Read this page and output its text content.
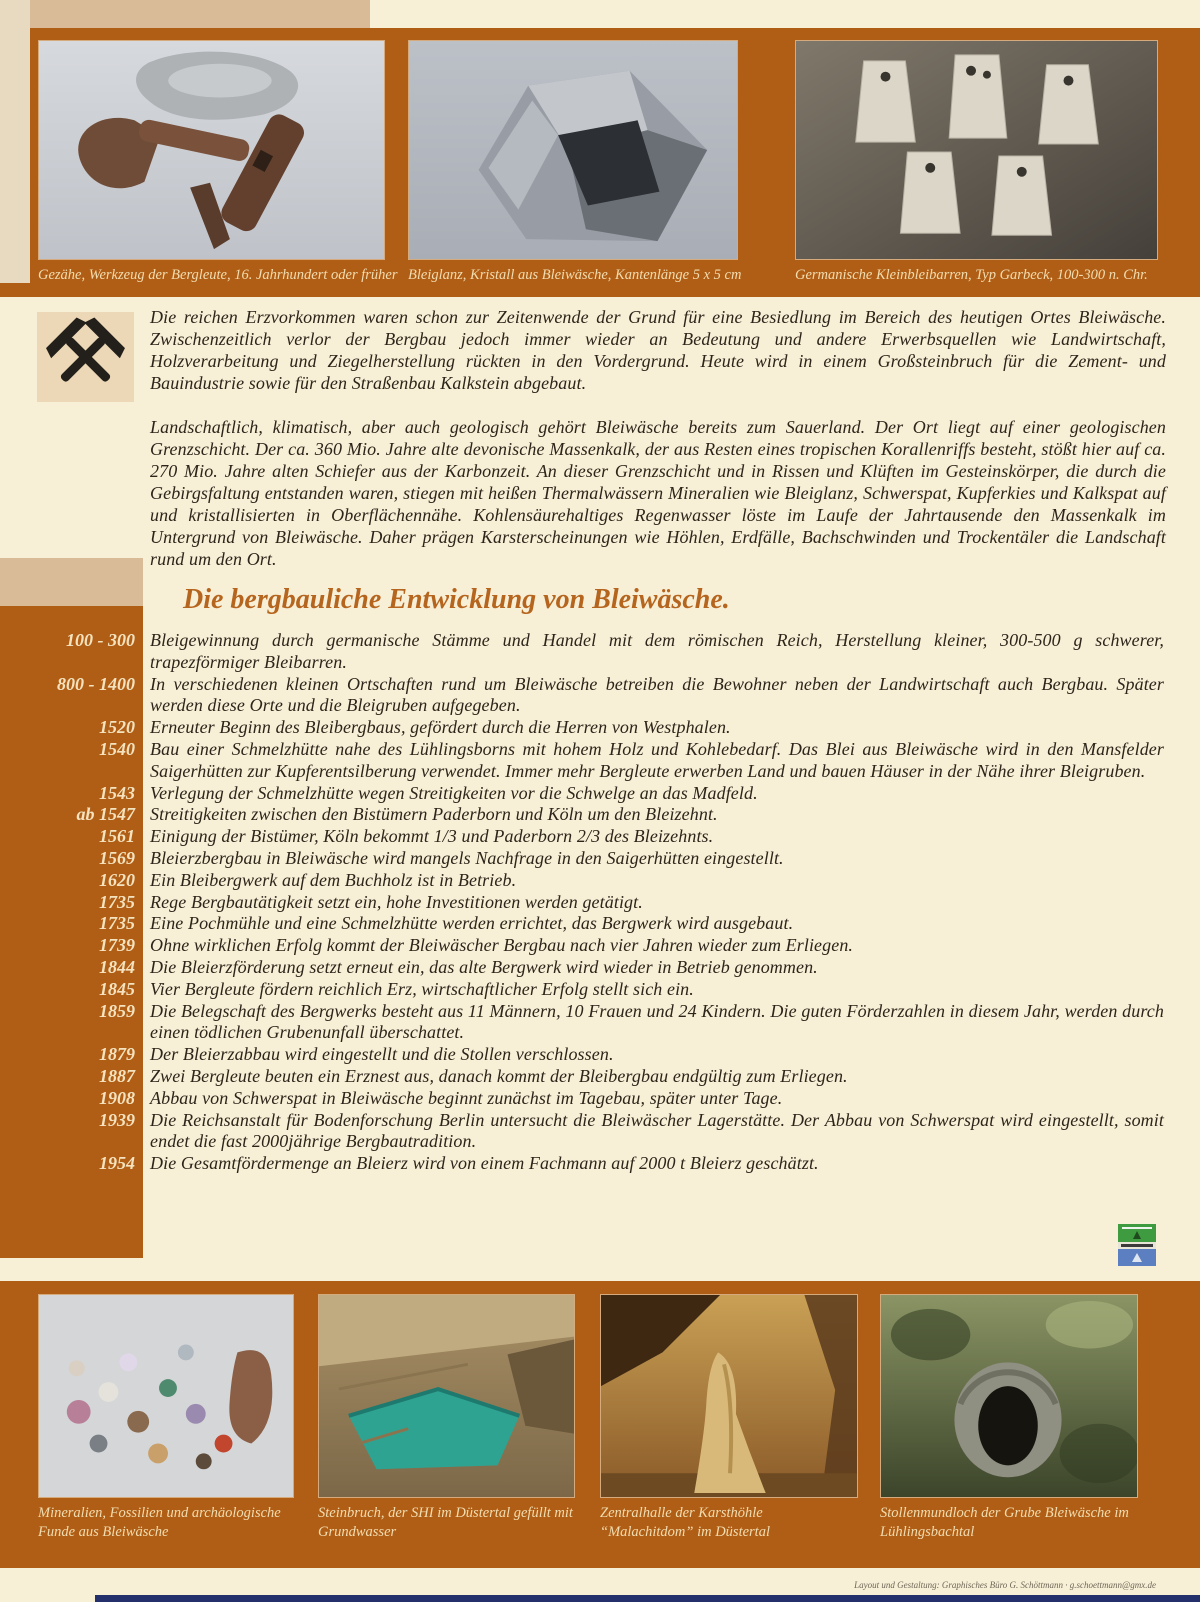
Gezähe, Werkzeug der Bergleute, 16. Jahrhundert oder früher Bleiglanz, Kristall aus Bleiwäsche, Kantenlänge 5 x 5 cm	Germanische Kleinbleibarren, Typ Garbeck, 100-300 n. Chr.

Die reichen Erzvorkommen waren schon zur Zeitenwende der Grund für eine Besiedlung im Bereich des heutigen Ortes Bleiwäsche. Zwischenzeitlich verlor der Bergbau jedoch immer wieder an Bedeutung und andere Erwerbsquellen wie Landwirtschaft, Holzverarbeitung und Ziegelherstellung rückten in den Vordergrund. Heute wird in einem Großsteinbruch für die Zement- und Bauindustrie sowie für den Straßenbau Kalkstein abgebaut.

Landschaftlich, klimatisch, aber auch geologisch gehört Bleiwäsche bereits zum Sauerland. Der Ort liegt auf einer geologischen Grenzschicht. Der ca. 360 Mio. Jahre alte devonische Massenkalk, der aus Resten eines tropischen Korallenriffs besteht, stößt hier auf ca. 270 Mio. Jahre alten Schiefer aus der Karbonzeit. An dieser Grenzschicht und in Rissen und Klüften im Gesteinskörper, die durch die Gebirgsfaltung entstanden waren, stiegen mit heißen Thermalwässern Mineralien wie Bleiglanz, Schwerspat, Kupferkies und Kalkspat auf und kristallisierten in Oberflächennähe. Kohlensäurehaltiges Regenwasser löste im Laufe der Jahrtausende den Massenkalk im Untergrund von Bleiwäsche. Daher prägen Karsterscheinungen wie Höhlen, Erdfälle, Bachschwinden und Trockentäler die Landschaft rund um den Ort.

Die bergbauliche Entwicklung von Bleiwäsche.
100 - 300 Bleigewinnung durch germanische Stämme und Handel mit dem römischen Reich, Herstellung kleiner, 300-500 g schwerer, trapezförmiger Bleibarren.
800 - 1400 In verschiedenen kleinen Ortschaften rund um Bleiwäsche betreiben die Bewohner neben der Landwirtschaft auch Bergbau. Später werden diese Orte und die Bleigruben aufgegeben.
1520 Erneuter Beginn des Bleibergbaus, gefördert durch die Herren von Westphalen.
1540 Bau einer Schmelzhütte nahe des Lühlingsborns mit hohem Holz und Kohlebedarf. Das Blei aus Bleiwäsche wird in den Mansfelder Saigerhütten zur Kupferentsilberung verwendet. Immer mehr Bergleute erwerben Land und bauen Häuser in der Nähe ihrer Bleigruben.
1543 Verlegung der Schmelzhütte wegen Streitigkeiten vor die Schwelge an das Madfeld.
ab 1547 Streitigkeiten zwischen den Bistümern Paderborn und Köln um den Bleizehnt.
1561 Einigung der Bistümer, Köln bekommt 1/3 und Paderborn 2/3 des Bleizehnts.
1569 Bleierzbergbau in Bleiwäsche wird mangels Nachfrage in den Saigerhütten eingestellt.
1620 Ein Bleibergwerk auf dem Buchholz ist in Betrieb.
1735 Rege Bergbautätigkeit setzt ein, hohe Investitionen werden getätigt.
1735 Eine Pochmühle und eine Schmelzhütte werden errichtet, das Bergwerk wird ausgebaut.
1739 Ohne wirklichen Erfolg kommt der Bleiwäscher Bergbau nach vier Jahren wieder zum Erliegen.
1844 Die Bleierzförderung setzt erneut ein, das alte Bergwerk wird wieder in Betrieb genommen.
1845 Vier Bergleute fördern reichlich Erz, wirtschaftlicher Erfolg stellt sich ein.
1859 Die Belegschaft des Bergwerks besteht aus 11 Männern, 10 Frauen und 24 Kindern. Die guten Förderzahlen in diesem Jahr, werden durch einen tödlichen Grubenunfall überschattet.
1879 Der Bleierzabbau wird eingestellt und die Stollen verschlossen.
1887 Zwei Bergleute beuten ein Erznest aus, danach kommt der Bleibergbau endgültig zum Erliegen.
1908 Abbau von Schwerspat in Bleiwäsche beginnt zunächst im Tagebau, später unter Tage.
1939 Die Reichsanstalt für Bodenforschung Berlin untersucht die Bleiwäscher Lagerstätte. Der Abbau von Schwerspat wird eingestellt, somit endet die fast 2000jährige Bergbautradition.
1954 Die Gesamtfördermenge an Bleierz wird von einem Fachmann auf 2000 t Bleierz geschätzt.
Mineralien, Fossilien und archäologische Funde aus Bleiwäsche
Steinbruch, der SHI im Düstertal gefüllt mit Grundwasser
Zentralhalle der Karsthöhle “Malachitdom” im Düstertal
Stollenmundloch der Grube Bleiwäsche im Lühlingsbachtal
Layout und Gestaltung: Graphisches Büro G. Schöttmann · g.schoettmann@gmx.de
